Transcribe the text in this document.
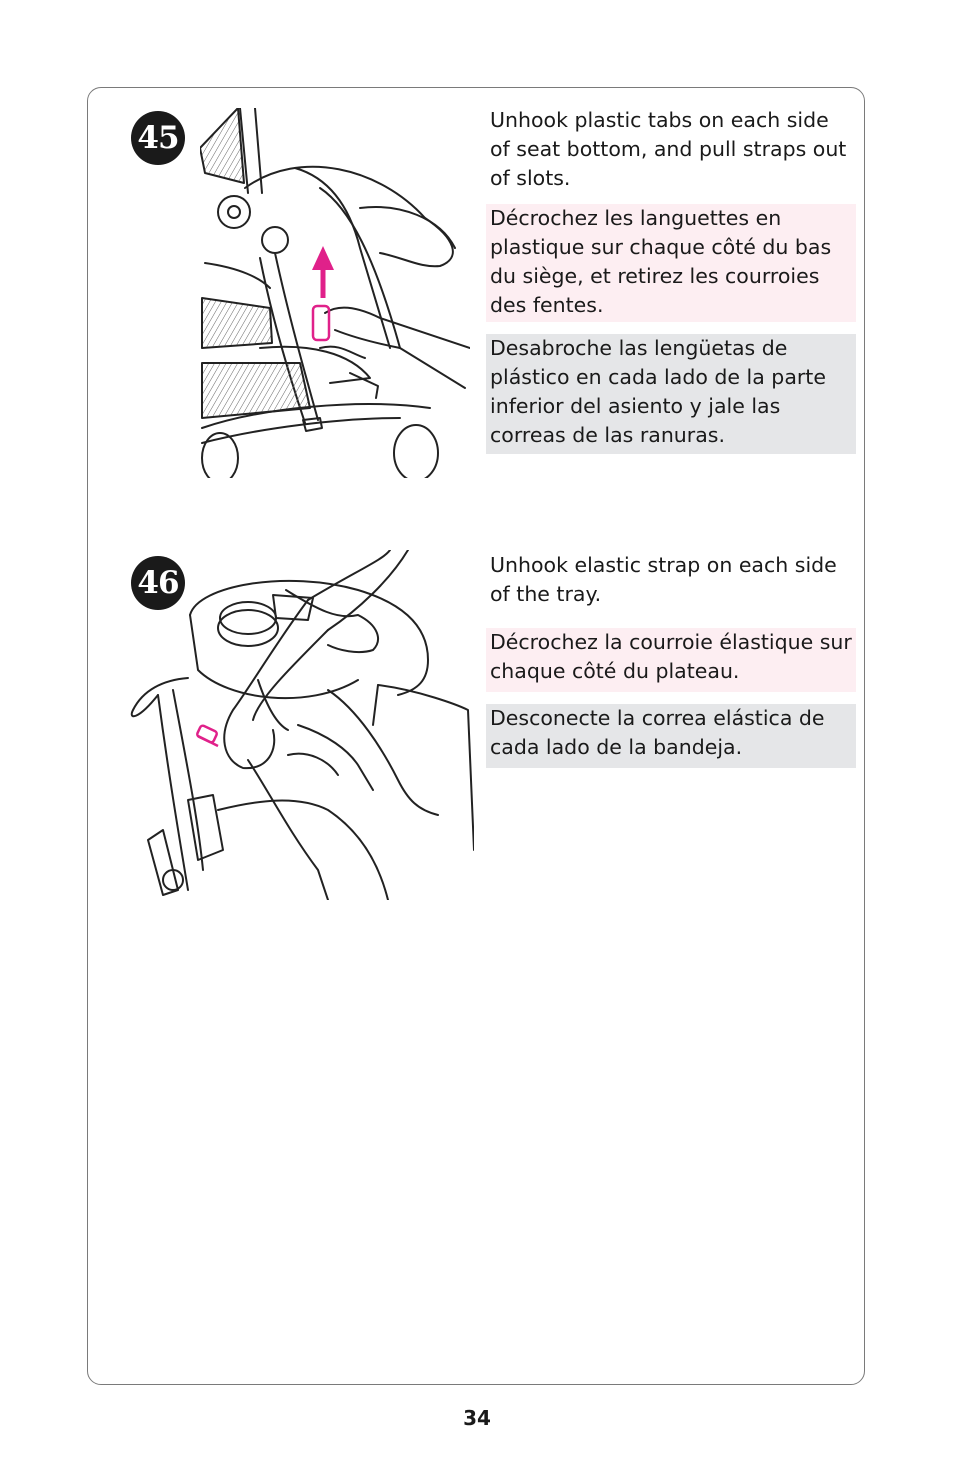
45	Unhook plastic tabs on each side of seat bottom, and pull straps out of slots.
Décrochez les languettes en plastique sur chaque côté du bas du siège, et retirez les courroies des fentes.
Desabroche las lengüetas de plástico en cada lado de la parte inferior del asiento y jale las correas de las ranuras.
46	Unhook elastic strap on each side of the tray.
Décrochez la courroie élastique sur chaque côté du plateau.
Desconecte la correa elástica de cada lado de la bandeja.
34
